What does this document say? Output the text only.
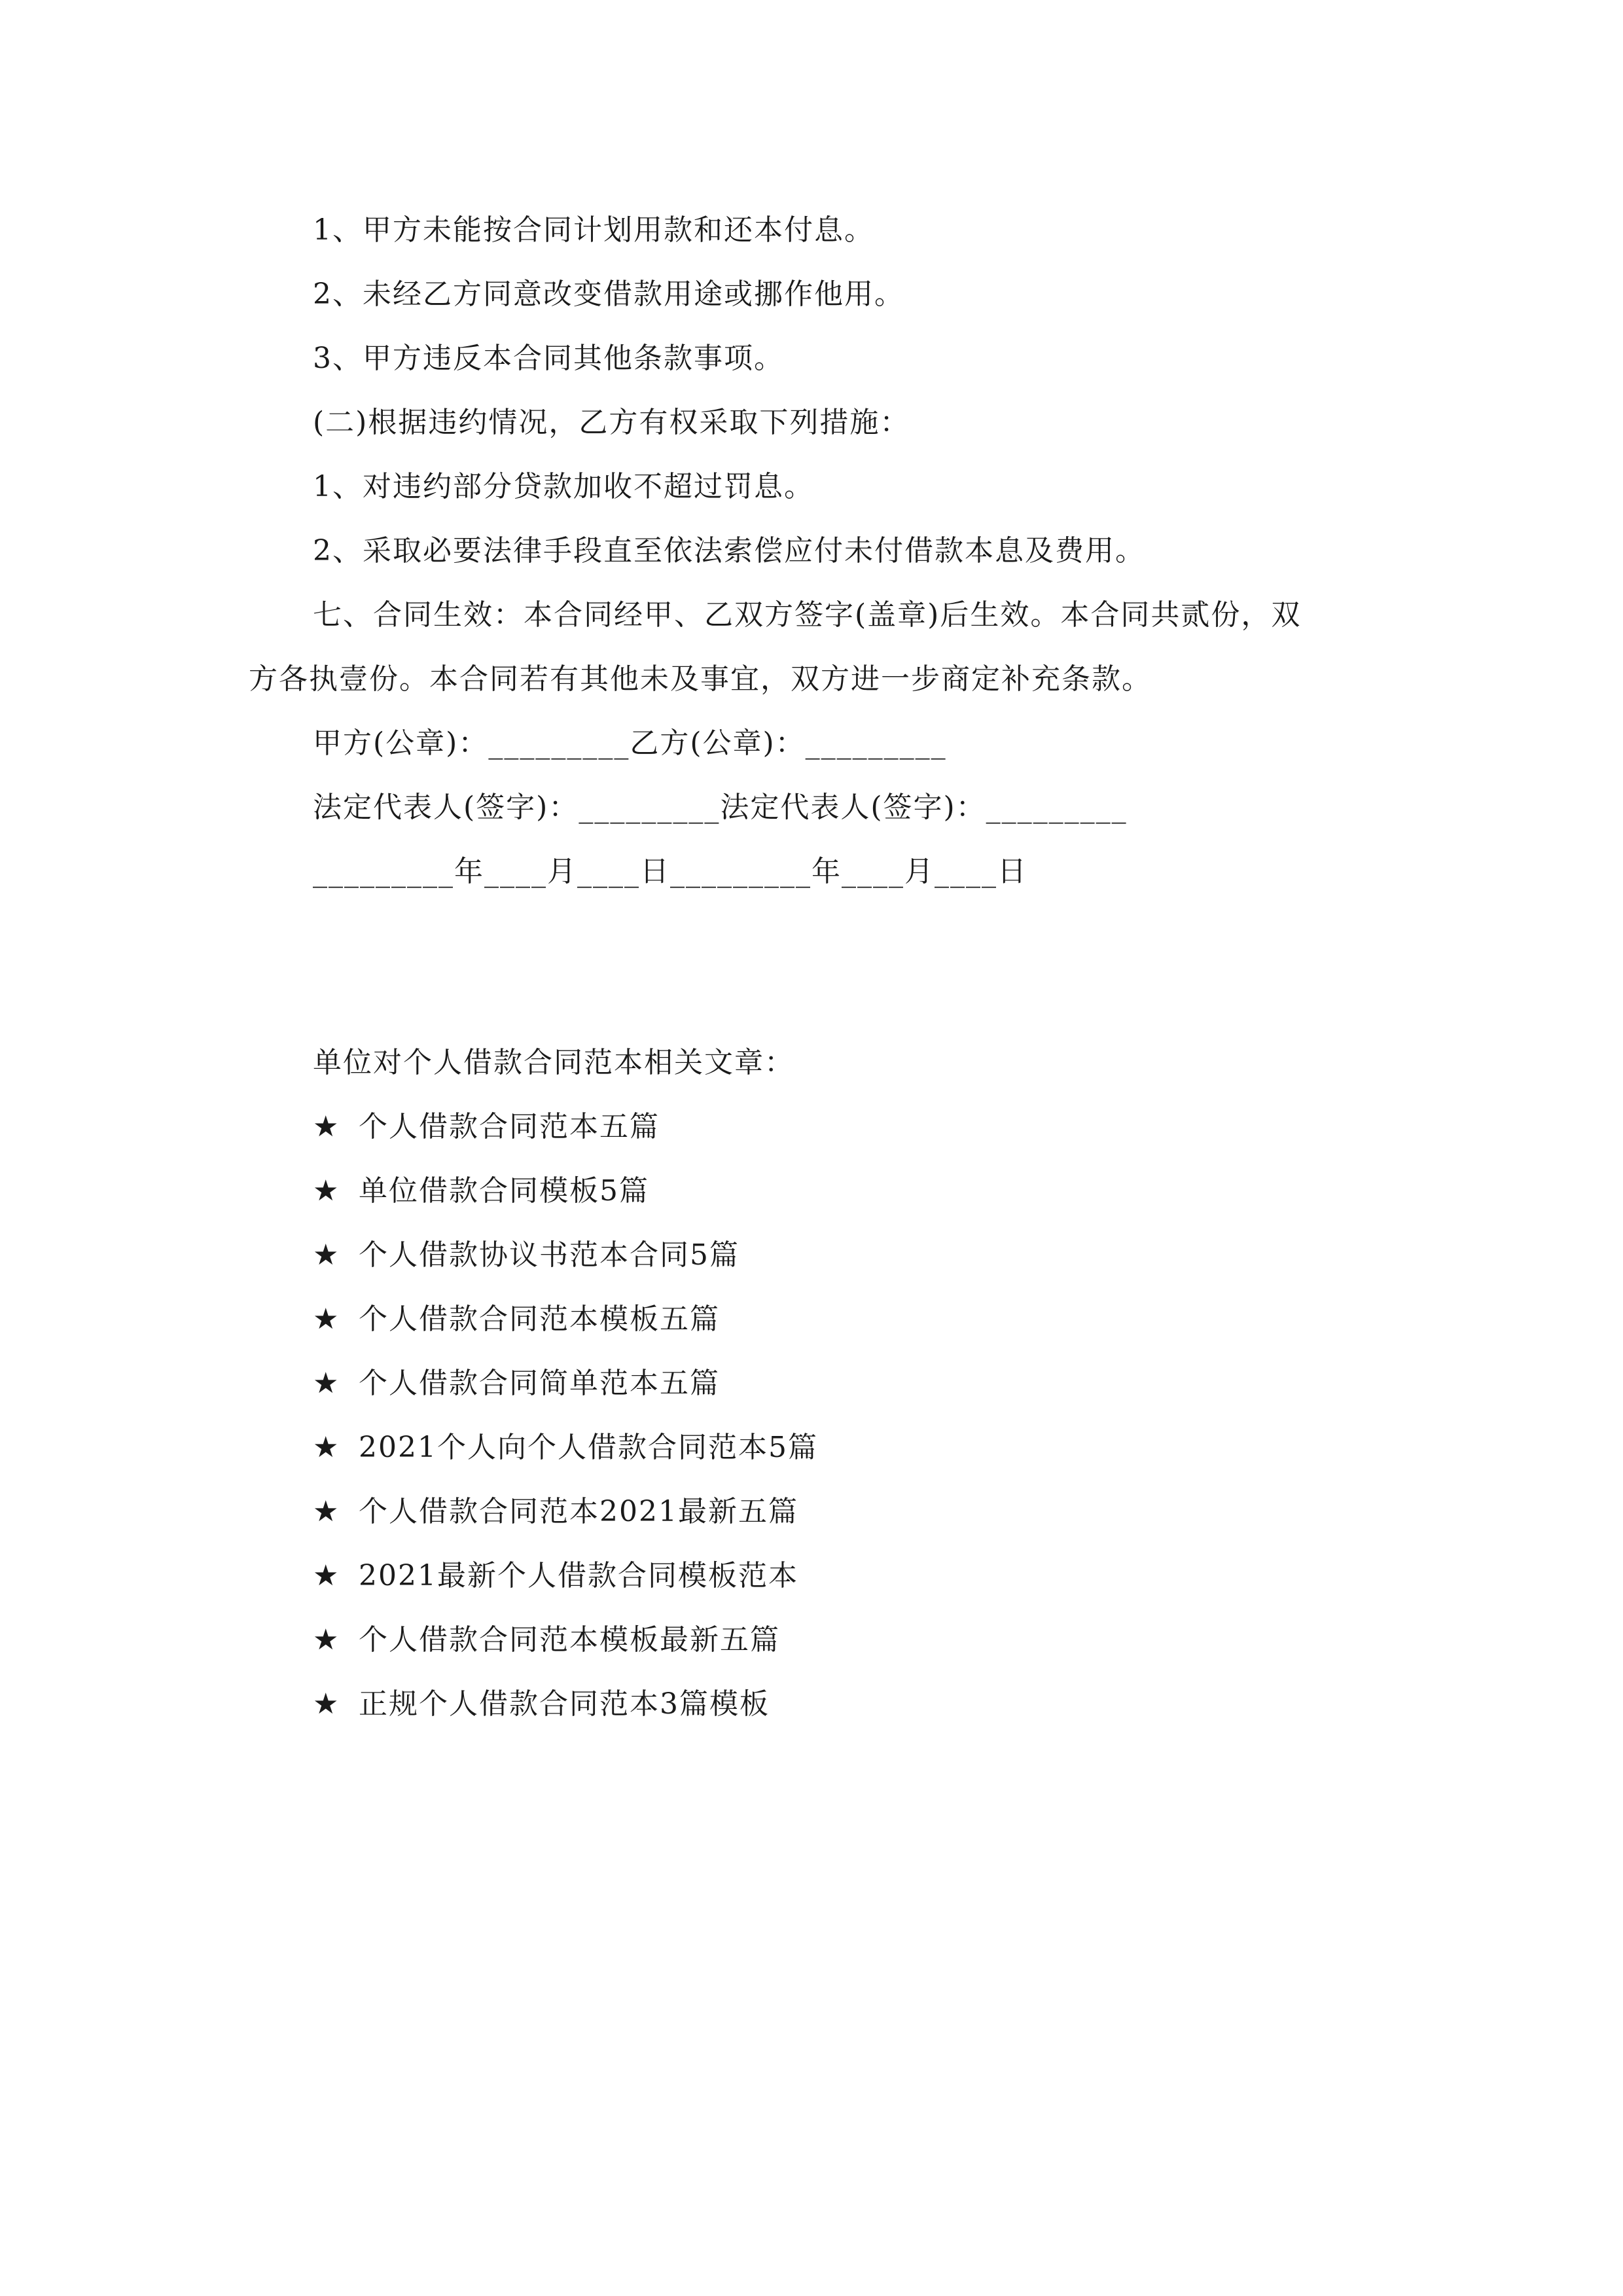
1、甲方未能按合同计划用款和还本付息。
2、未经乙方同意改变借款用途或挪作他用。
3、甲方违反本合同其他条款事项。
(二)根据违约情况，乙方有权采取下列措施：
1、对违约部分贷款加收不超过罚息。
2、采取必要法律手段直至依法索偿应付未付借款本息及费用。
七、合同生效：本合同经甲、乙双方签字(盖章)后生效。本合同共贰份，双
方各执壹份。本合同若有其他未及事宜，双方进一步商定补充条款。
甲方(公章)：_________乙方(公章)：_________
法定代表人(签字)：_________法定代表人(签字)：_________
_________年____月____日_________年____月____日
单位对个人借款合同范本相关文章：
★ 个人借款合同范本五篇
★ 单位借款合同模板5篇
★ 个人借款协议书范本合同5篇
★ 个人借款合同范本模板五篇
★ 个人借款合同简单范本五篇
★ 2021个人向个人借款合同范本5篇
★ 个人借款合同范本2021最新五篇
★ 2021最新个人借款合同模板范本
★ 个人借款合同范本模板最新五篇
★ 正规个人借款合同范本3篇模板
